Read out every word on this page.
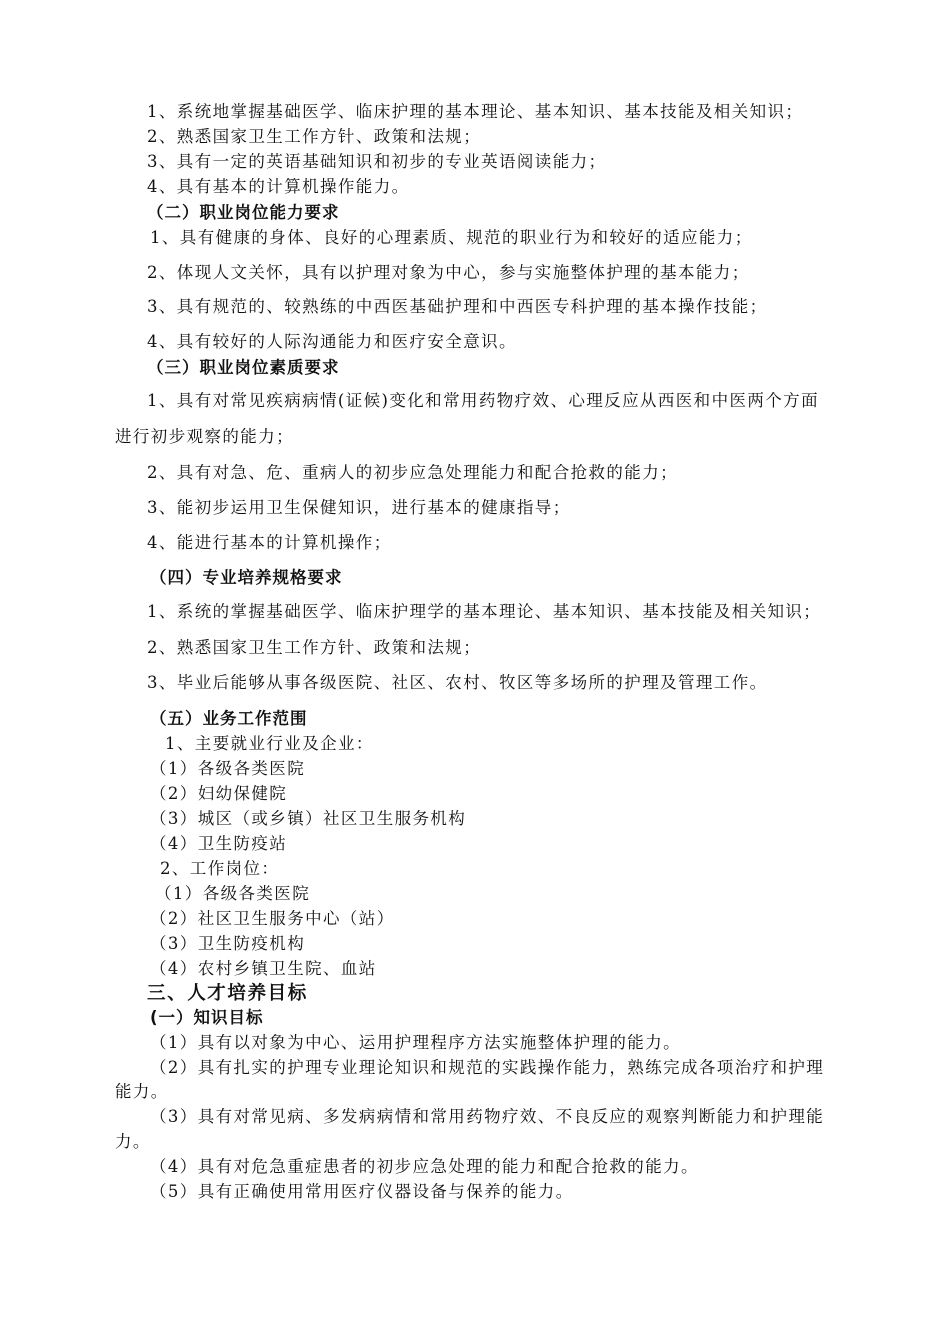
1、系统地掌握基础医学、临床护理的基本理论、基本知识、基本技能及相关知识；
2、熟悉国家卫生工作方针、政策和法规；
3、具有一定的英语基础知识和初步的专业英语阅读能力；
4、具有基本的计算机操作能力。
（二）职业岗位能力要求
1、具有健康的身体、良好的心理素质、规范的职业行为和较好的适应能力；
2、体现人文关怀，具有以护理对象为中心，参与实施整体护理的基本能力；
3、具有规范的、较熟练的中西医基础护理和中西医专科护理的基本操作技能；
4、具有较好的人际沟通能力和医疗安全意识。
（三）职业岗位素质要求
1、具有对常见疾病病情(证候)变化和常用药物疗效、心理反应从西医和中医两个方面
进行初步观察的能力；
2、具有对急、危、重病人的初步应急处理能力和配合抢救的能力；
3、能初步运用卫生保健知识，进行基本的健康指导；
4、能进行基本的计算机操作；
（四）专业培养规格要求
1、系统的掌握基础医学、临床护理学的基本理论、基本知识、基本技能及相关知识；
2、熟悉国家卫生工作方针、政策和法规；
3、毕业后能够从事各级医院、社区、农村、牧区等多场所的护理及管理工作。
（五）业务工作范围
1、主要就业行业及企业：
（1）各级各类医院
（2）妇幼保健院
（3）城区（或乡镇）社区卫生服务机构
（4）卫生防疫站
2、工作岗位：
（1）各级各类医院
（2）社区卫生服务中心（站）
（3）卫生防疫机构
（4）农村乡镇卫生院、血站
三、人才培养目标
(一）知识目标
（1）具有以对象为中心、运用护理程序方法实施整体护理的能力。
（2）具有扎实的护理专业理论知识和规范的实践操作能力，熟练完成各项治疗和护理
能力。
（3）具有对常见病、多发病病情和常用药物疗效、不良反应的观察判断能力和护理能
力。
（4）具有对危急重症患者的初步应急处理的能力和配合抢救的能力。
（5）具有正确使用常用医疗仪器设备与保养的能力。
